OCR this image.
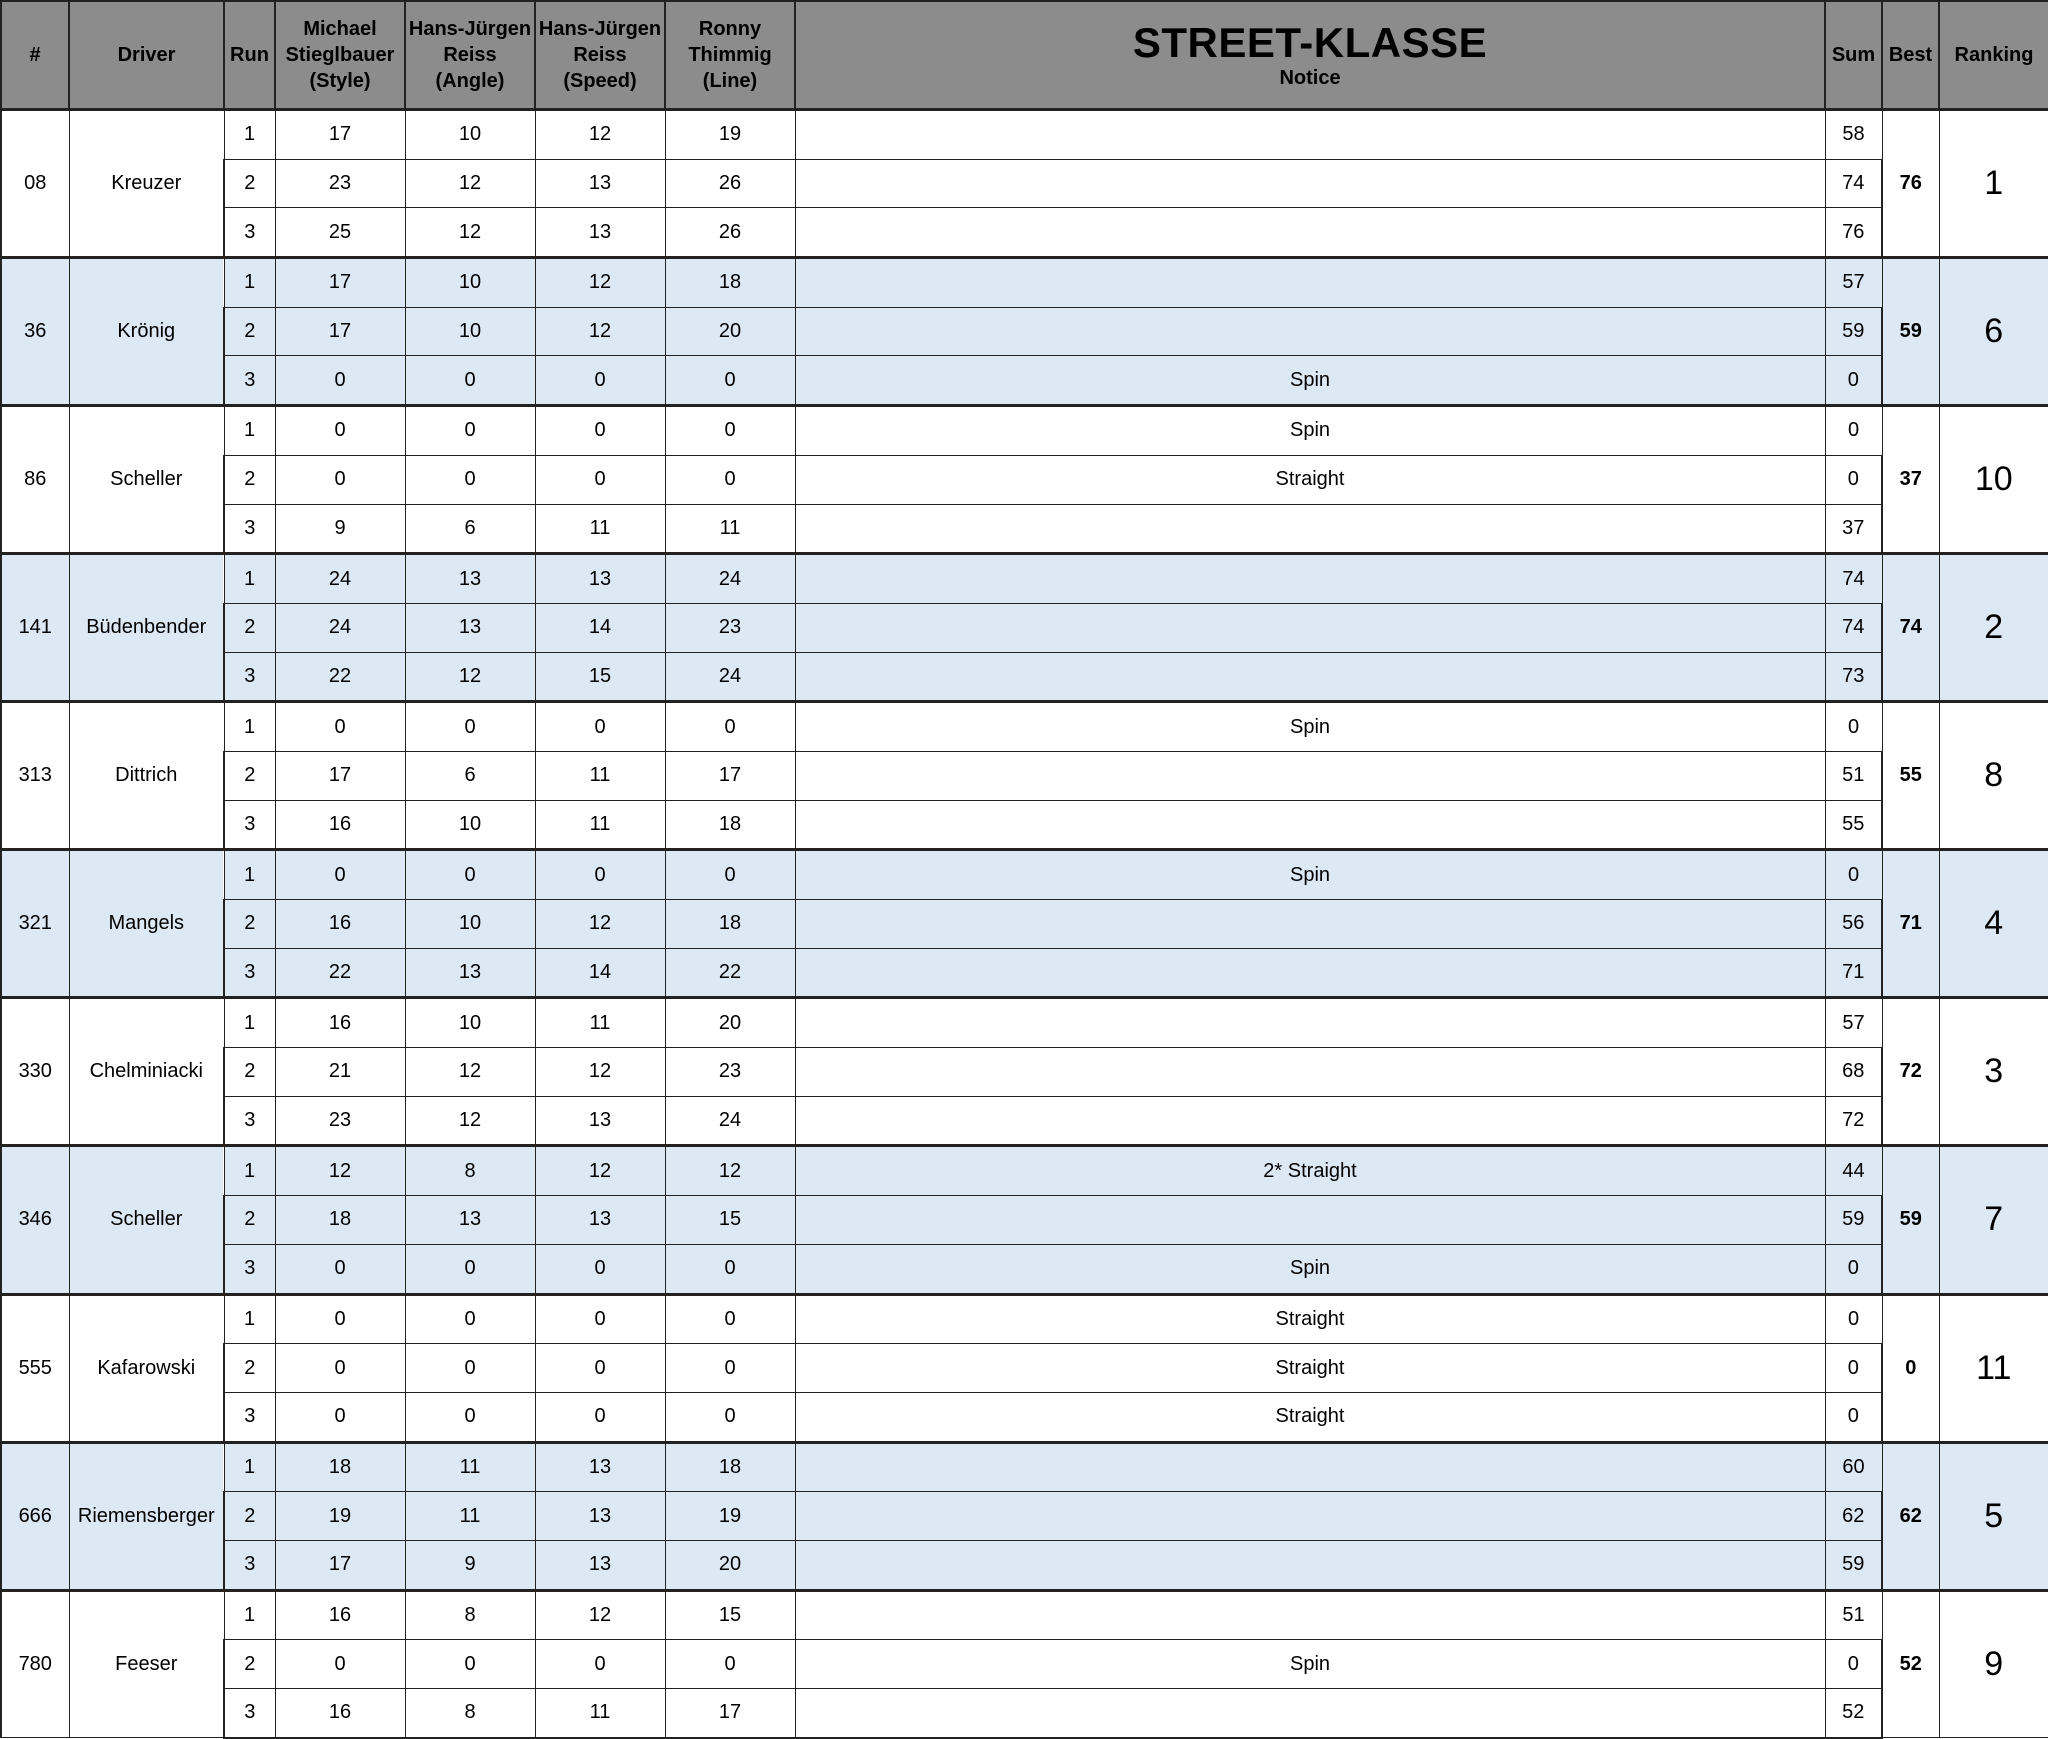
#	Driver	Run	Michael Stieglbauer
(Style)	Hans-Jürgen Reiss
(Angle)	Hans-Jürgen Reiss
(Speed)	Ronny Thimmig
(Line)	STREET-KLASSE
Notice	Sum	Best	Ranking
08	Kreuzer	1	17	10	12	19		58	76	1
		2	23	12	13	26		74		
		3	25	12	13	26		76		
36	Krönig	1	17	10	12	18		57	59	6
		2	17	10	12	20		59		
		3	0	0	0	0	Spin	0		
86	Scheller	1	0	0	0	0	Spin	0	37	10
		2	0	0	0	0	Straight	0		
		3	9	6	11	11		37		
141	Büdenbender	1	24	13	13	24		74	74	2
		2	24	13	14	23		74		
		3	22	12	15	24		73		
313	Dittrich	1	0	0	0	0	Spin	0	55	8
		2	17	6	11	17		51		
		3	16	10	11	18		55		
321	Mangels	1	0	0	0	0	Spin	0	71	4
		2	16	10	12	18		56		
		3	22	13	14	22		71		
330	Chelminiacki	1	16	10	11	20		57	72	3
		2	21	12	12	23		68		
		3	23	12	13	24		72		
346	Scheller	1	12	8	12	12	2* Straight	44	59	7
		2	18	13	13	15		59		
		3	0	0	0	0	Spin	0		
555	Kafarowski	1	0	0	0	0	Straight	0	0	11
		2	0	0	0	0	Straight	0		
		3	0	0	0	0	Straight	0		
666	Riemensberger	1	18	11	13	18		60	62	5
		2	19	11	13	19		62		
		3	17	9	13	20		59		
780	Feeser	1	16	8	12	15		51	52	9
		2	0	0	0	0	Spin	0		
		3	16	8	11	17		52		
